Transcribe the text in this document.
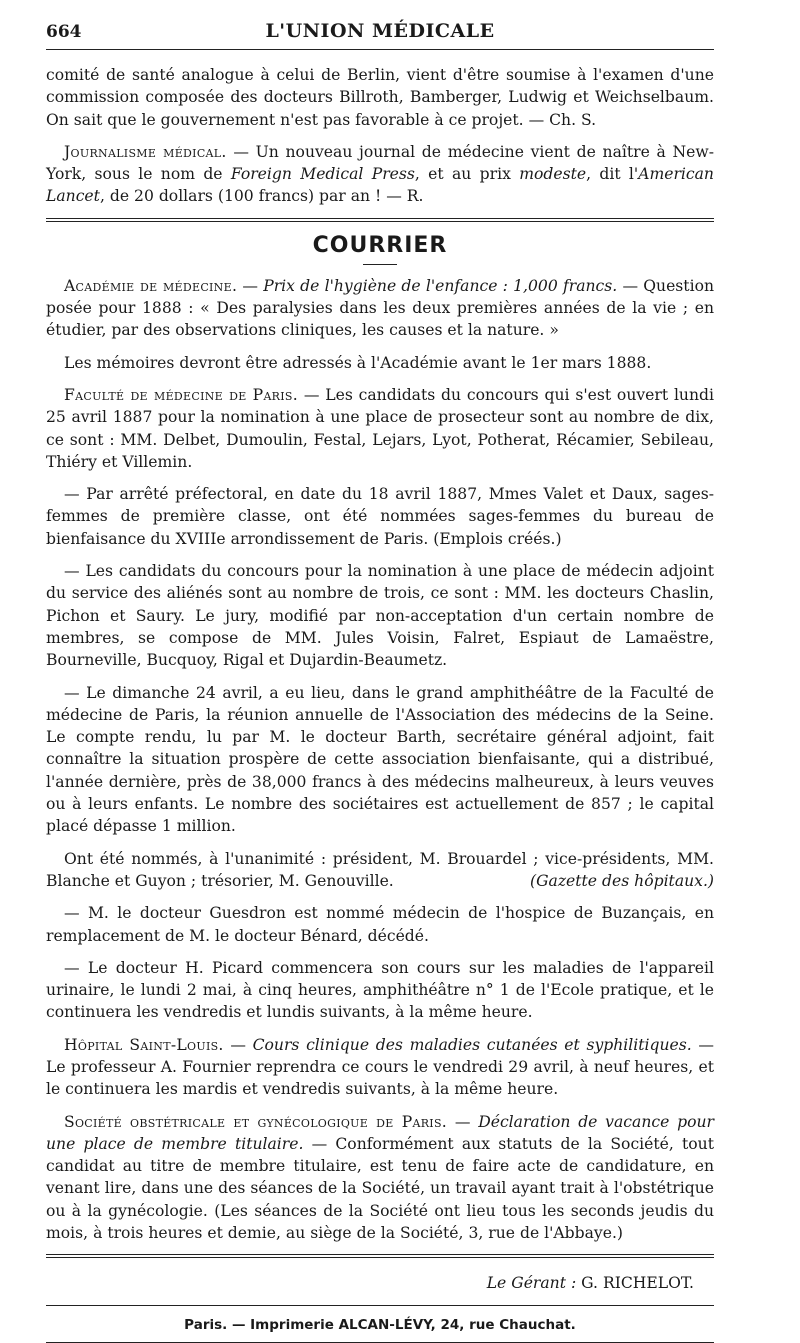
664	L'UNION MÉDICALE

comité de santé analogue à celui de Berlin, vient d'être soumise à l'examen d'une commission composée des docteurs Billroth, Bamberger, Ludwig et Weichselbaum. On sait que le gouvernement n'est pas favorable à ce projet. — Ch. S.

Journalisme médical. — Un nouveau journal de médecine vient de naître à New-York, sous le nom de Foreign Medical Press, et au prix modeste, dit l'American Lancet, de 20 dollars (100 francs) par an ! — R.

COURRIER

Académie de médecine. — Prix de l'hygiène de l'enfance : 1,000 francs. — Question posée pour 1888 : « Des paralysies dans les deux premières années de la vie ; en étudier, par des observations cliniques, les causes et la nature. »

Les mémoires devront être adressés à l'Académie avant le 1er mars 1888.

Faculté de médecine de Paris. — Les candidats du concours qui s'est ouvert lundi 25 avril 1887 pour la nomination à une place de prosecteur sont au nombre de dix, ce sont : MM. Delbet, Dumoulin, Festal, Lejars, Lyot, Potherat, Récamier, Sebileau, Thiéry et Villemin.

— Par arrêté préfectoral, en date du 18 avril 1887, Mmes Valet et Daux, sages-femmes de première classe, ont été nommées sages-femmes du bureau de bienfaisance du XVIIIe arrondissement de Paris. (Emplois créés.)

— Les candidats du concours pour la nomination à une place de médecin adjoint du service des aliénés sont au nombre de trois, ce sont : MM. les docteurs Chaslin, Pichon et Saury. Le jury, modifié par non-acceptation d'un certain nombre de membres, se compose de MM. Jules Voisin, Falret, Espiaut de Lamaëstre, Bourneville, Bucquoy, Rigal et Dujardin-Beaumetz.

— Le dimanche 24 avril, a eu lieu, dans le grand amphithéâtre de la Faculté de médecine de Paris, la réunion annuelle de l'Association des médecins de la Seine. Le compte rendu, lu par M. le docteur Barth, secrétaire général adjoint, fait connaître la situation prospère de cette association bienfaisante, qui a distribué, l'année dernière, près de 38,000 francs à des médecins malheureux, à leurs veuves ou à leurs enfants. Le nombre des sociétaires est actuellement de 857 ; le capital placé dépasse 1 million.

Ont été nommés, à l'unanimité : président, M. Brouardel ; vice-présidents, MM. Blanche et Guyon ; trésorier, M. Genouville.	(Gazette des hôpitaux.)

— M. le docteur Guesdron est nommé médecin de l'hospice de Buzançais, en remplacement de M. le docteur Bénard, décédé.

— Le docteur H. Picard commencera son cours sur les maladies de l'appareil urinaire, le lundi 2 mai, à cinq heures, amphithéâtre n° 1 de l'Ecole pratique, et le continuera les vendredis et lundis suivants, à la même heure.

Hôpital Saint-Louis. — Cours clinique des maladies cutanées et syphilitiques. — Le professeur A. Fournier reprendra ce cours le vendredi 29 avril, à neuf heures, et le continuera les mardis et vendredis suivants, à la même heure.

Société obstétricale et gynécologique de Paris. — Déclaration de vacance pour une place de membre titulaire. — Conformément aux statuts de la Société, tout candidat au titre de membre titulaire, est tenu de faire acte de candidature, en venant lire, dans une des séances de la Société, un travail ayant trait à l'obstétrique ou à la gynécologie. (Les séances de la Société ont lieu tous les seconds jeudis du mois, à trois heures et demie, au siège de la Société, 3, rue de l'Abbaye.)

Le Gérant : G. RICHELOT.
Paris. — Imprimerie ALCAN-LÉVY, 24, rue Chauchat.
